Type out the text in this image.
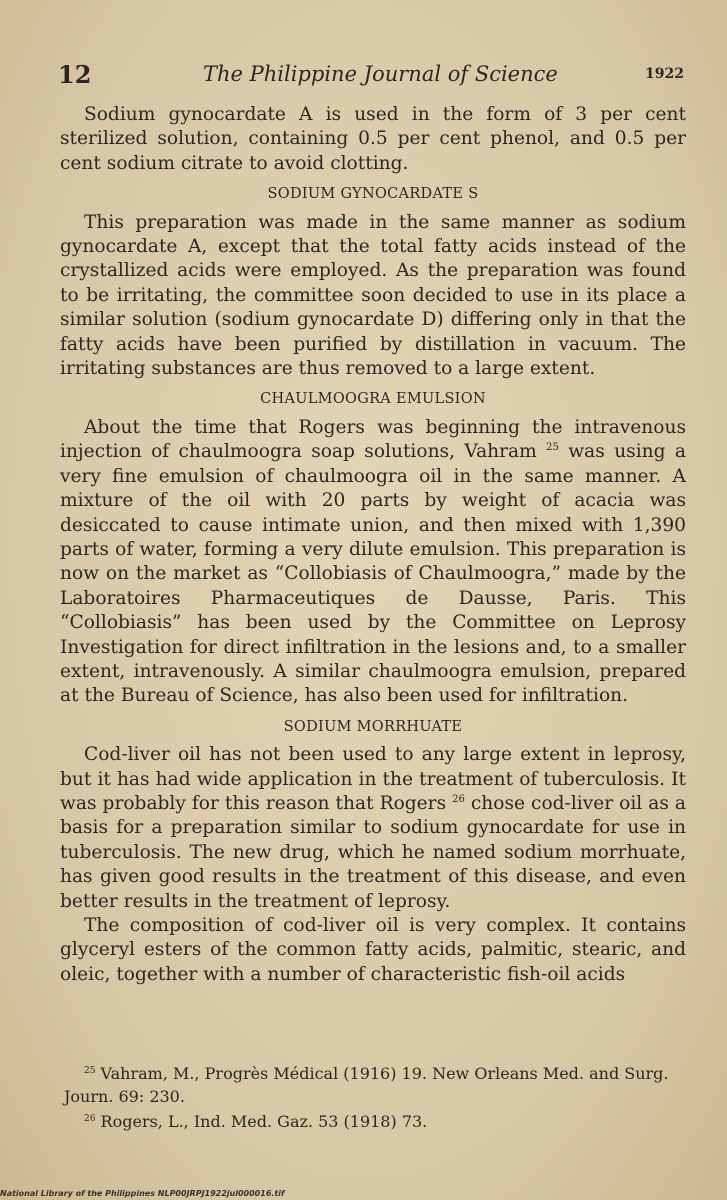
12	The Philippine Journal of Science	1922

Sodium gynocardate A is used in the form of 3 per cent sterilized solution, containing 0.5 per cent phenol, and 0.5 per cent sodium citrate to avoid clotting.

SODIUM GYNOCARDATE S

This preparation was made in the same manner as sodium gynocardate A, except that the total fatty acids instead of the crystallized acids were employed. As the preparation was found to be irritating, the committee soon decided to use in its place a similar solution (sodium gynocardate D) differing only in that the fatty acids have been purified by distillation in vacuum. The irritating substances are thus removed to a large extent.

CHAULMOOGRA EMULSION

About the time that Rogers was beginning the intravenous injection of chaulmoogra soap solutions, Vahram $^{25}$ was using a very fine emulsion of chaulmoogra oil in the same manner. A mixture of the oil with 20 parts by weight of acacia was desiccated to cause intimate union, and then mixed with 1,390 parts of water, forming a very dilute emulsion. This preparation is now on the market as “Collobiasis of Chaulmoogra,” made by the Laboratoires Pharmaceutiques de Dausse, Paris. This “Collobiasis” has been used by the Committee on Leprosy Investigation for direct infiltration in the lesions and, to a smaller extent, intravenously. A similar chaulmoogra emulsion, prepared at the Bureau of Science, has also been used for infiltration.

SODIUM MORRHUATE

Cod-liver oil has not been used to any large extent in leprosy, but it has had wide application in the treatment of tuberculosis. It was probably for this reason that Rogers $^{26}$ chose cod-liver oil as a basis for a preparation similar to sodium gynocardate for use in tuberculosis. The new drug, which he named sodium morrhuate, has given good results in the treatment of this disease, and even better results in the treatment of leprosy.

The composition of cod-liver oil is very complex. It contains glyceryl esters of the common fatty acids, palmitic, stearic, and oleic, together with a number of characteristic fish-oil acids

$^{25}$ Vahram, M., Progrès Médical (1916) 19. New Orleans Med. and Surg. Journ. 69: 230.

$^{26}$ Rogers, L., Ind. Med. Gaz. 53 (1918) 73.

National Library of the Philippines NLP00JRPJ1922jul000016.tif
